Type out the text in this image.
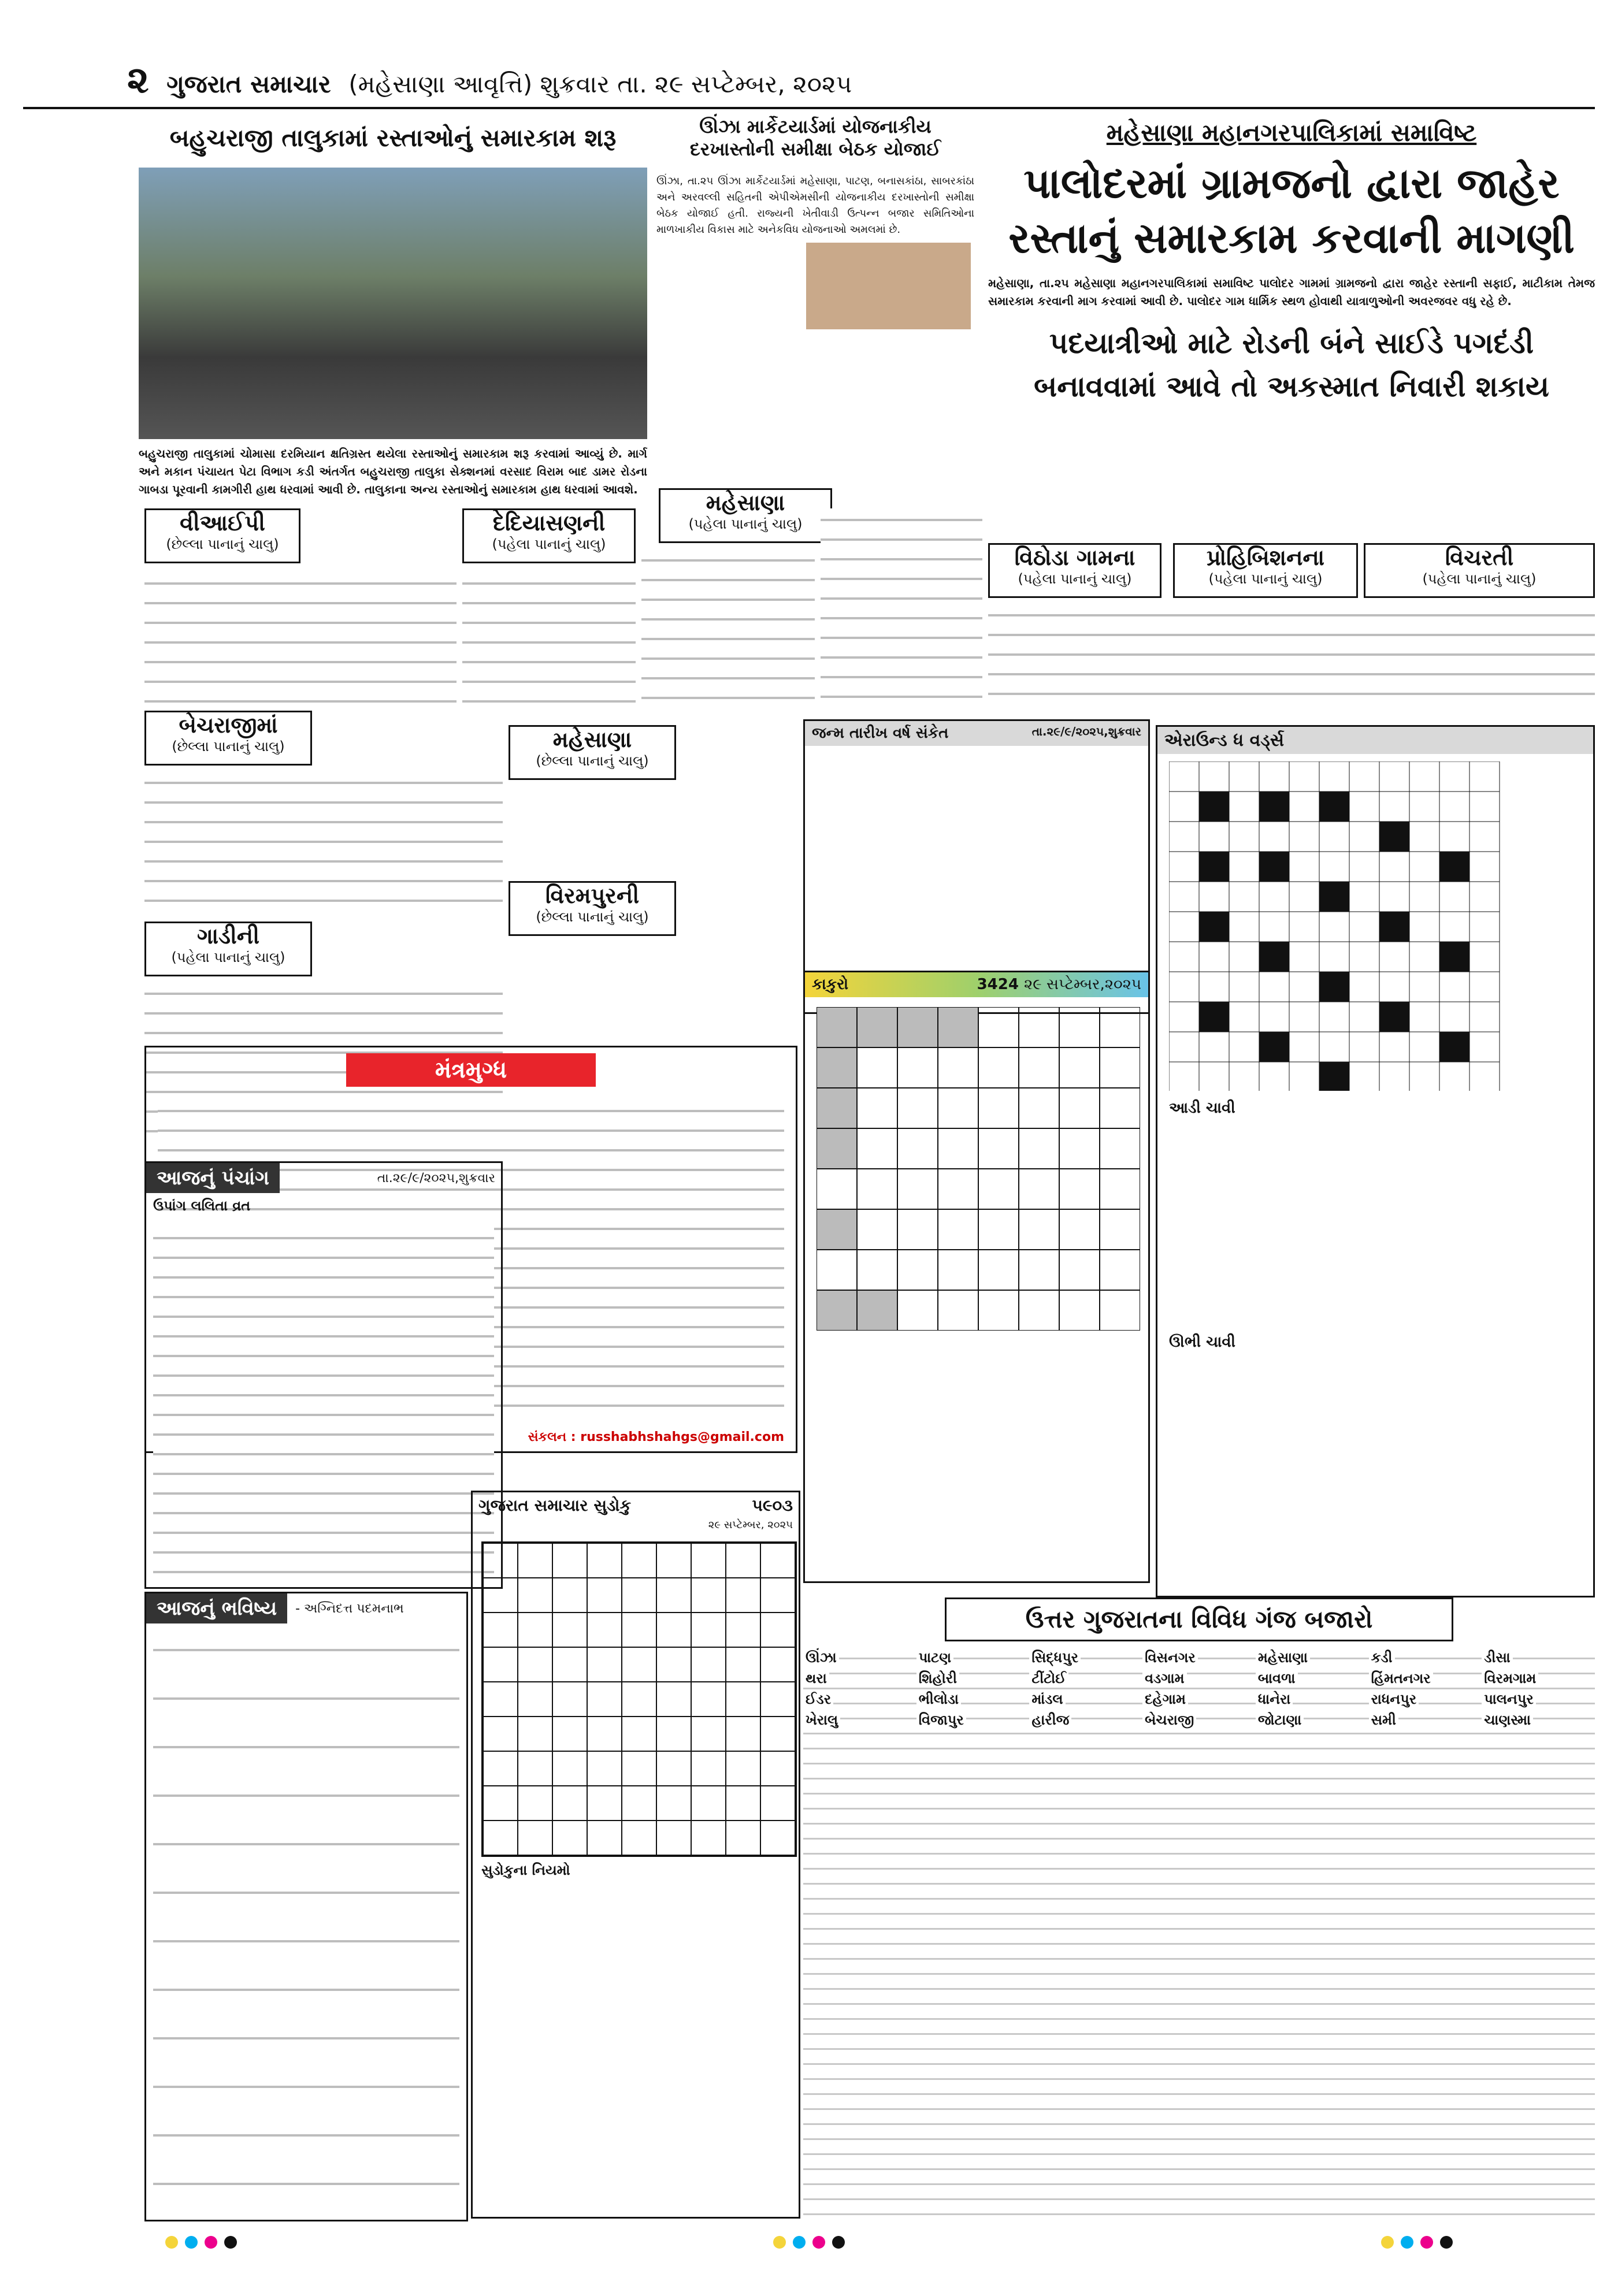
૨ ગુજરાત સમાચાર (મહેસાણા આવૃત્તિ) શુક્રવાર તા. ૨૯ સપ્ટેમ્બર, ૨૦૨૫
બહુચરાજી તાલુકામાં રસ્તાઓનું સમારકામ શરૂ
બહુચરાજી તાલુકામાં ચોમાસા દરમિયાન ક્ષતિગ્રસ્ત થયેલા રસ્તાઓનું સમારકામ શરૂ કરવામાં આવ્યું છે. માર્ગ અને મકાન પંચાયત પેટા વિભાગ કડી અંતર્ગત બહુચરાજી તાલુકા સેક્શનમાં વરસાદ વિરામ બાદ ડામર રોડના ગાબડા પૂરવાની કામગીરી હાથ ધરવામાં આવી છે. તાલુકાના અન્ય રસ્તાઓનું સમારકામ હાથ ધરવામાં આવશે.
ઊંઝા માર્કેટયાર્ડમાં યોજનાકીય દરખાસ્તોની સમીક્ષા બેઠક યોજાઈ
ઊંઝા, તા.૨૫ ઊંઝા માર્કેટયાર્ડમાં મહેસાણા, પાટણ, બનાસકાંઠા, સાબરકાંઠા અને અરવલ્લી સહિતની એપીએમસીની યોજનાકીય દરખાસ્તોની સમીક્ષા બેઠક યોજાઈ હતી. રાજ્યની ખેતીવાડી ઉત્પન્ન બજાર સમિતિઓના માળખાકીય વિકાસ માટે અનેકવિધ યોજનાઓ અમલમાં છે.
મહેસાણા મહાનગરપાલિકામાં સમાવિષ્ટ
પાલોદરમાં ગ્રામજનો દ્વારા જાહેર
રસ્તાનું સમારકામ કરવાની માગણી
મહેસાણા, તા.૨૫ મહેસાણા મહાનગરપાલિકામાં સમાવિષ્ટ પાલોદર ગામમાં ગ્રામજનો દ્વારા જાહેર રસ્તાની સફાઈ, માટીકામ તેમજ સમારકામ કરવાની માગ કરવામાં આવી છે. પાલોદર ગામ ધાર્મિક સ્થળ હોવાથી યાત્રાળુઓની અવરજવર વધુ રહે છે.
પદયાત્રીઓ માટે રોડની બંને સાઈડે પગદંડી
બનાવવામાં આવે તો અકસ્માત નિવારી શકાય
વીઆઈપી
(છેલ્લા પાનાનું ચાલુ)
દેદિયાસણની
(પહેલા પાનાનું ચાલુ)
મહેસાણા
(પહેલા પાનાનું ચાલુ)
વિઠોડા ગામના
(પહેલા પાનાનું ચાલુ)
પ્રોહિબિશનના
(પહેલા પાનાનું ચાલુ)
વિચરતી
(પહેલા પાનાનું ચાલુ)
બેચરાજીમાં
(છેલ્લા પાનાનું ચાલુ)	મહેસાણા
(છેલ્લા પાનાનું ચાલુ)
ગાડીની
(પહેલા પાનાનું ચાલુ)
વિરમપુરની
(છેલ્લા પાનાનું ચાલુ)
જન્મ તારીખ વર્ષ સંકેત	તા.૨૯/૯/૨૦૨૫,શુક્રવાર	એરાઉન્ડ ધ વર્ડ્સ
આડી ચાવી
ઊભી ચાવી
કાકુરો	3424 ૨૯ સપ્ટેમ્બર,૨૦૨૫
મંત્રમુગ્ધ
સંકલન : russhabhshahgs@gmail.com
આજનું પંચાંગ	તા.૨૯/૯/૨૦૨૫,શુક્રવાર
ઉપાંગ લલિતા વ્રત
ગુજરાત સમાચાર સુડોકુ	૫૯૦૩
૨૯ સપ્ટેમ્બર, ૨૦૨૫
સુડોકુના નિયમો
આજનું ભવિષ્ય	- અગ્નિદત્ત પદમનાભ	ઉત્તર ગુજરાતના વિવિધ ગંજ બજારો
ઊંઝા	પાટણ	સિદ્ધપુર	વિસનગર	મહેસાણા	કડી	ડીસા
થરા	શિહોરી	ટીંટોઈ	વડગામ	બાવળા	હિંમતનગર	વિરમગામ
ઈડર	ભીલોડા	માંડલ	દહેગામ	ધાનેરા	રાધનપુર	પાલનપુર
ખેરાલુ	વિજાપુર	હારીજ	બેચરાજી	જોટાણા	સમી	ચાણસ્મા
